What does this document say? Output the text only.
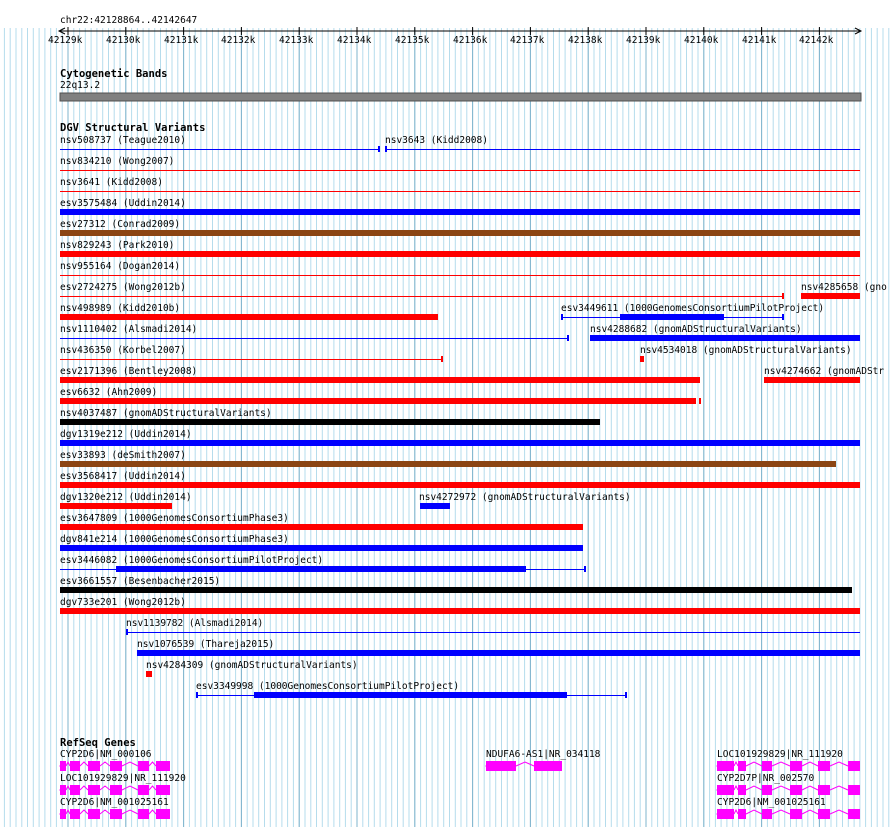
chr22:42128864..42142647
42129k 42130k 42131k 42132k 42133k 42134k 42135k 42136k 42137k 42138k 42139k 42140k 42141k 42142k
Cytogenetic Bands
22q13.2
DGV Structural Variants
nsv508737 (Teague2010)	nsv3643 (Kidd2008)
nsv834210 (Wong2007)
nsv3641 (Kidd2008)
esv3575484 (Uddin2014)
esv27312 (Conrad2009)
nsv829243 (Park2010)
nsv955164 (Dogan2014)
esv2724275 (Wong2012b)	nsv4285658 (gno
nsv498989 (Kidd2010b)	esv3449611 (1000GenomesConsortiumPilotProject)
nsv1110402 (Alsmadi2014)	nsv4288682 (gnomADStructuralVariants)
nsv436350 (Korbel2007)	nsv4534018 (gnomADStructuralVariants)
esv2171396 (Bentley2008)	nsv4274662 (gnomADStr
esv6632 (Ahn2009)
nsv4037487 (gnomADStructuralVariants)
dgv1319e212 (Uddin2014)
esv33893 (deSmith2007)
esv3568417 (Uddin2014)
dgv1320e212 (Uddin2014)	nsv4272972 (gnomADStructuralVariants)
esv3647809 (1000GenomesConsortiumPhase3)
dgv841e214 (1000GenomesConsortiumPhase3)
esv3446082 (1000GenomesConsortiumPilotProject)
esv3661557 (Besenbacher2015)
dgv733e201 (Wong2012b)
nsv1139782 (Alsmadi2014)
nsv1076539 (Thareja2015)
nsv4284309 (gnomADStructuralVariants)
esv3349998 (1000GenomesConsortiumPilotProject)
RefSeq Genes
CYP2D6|NM_000106
LOC101929829|NR_111920
CYP2D6|NM_001025161
NDUFA6-AS1|NR_034118	LOC101929829|NR_111920
CYP2D7P|NR_002570
CYP2D6|NM_001025161
